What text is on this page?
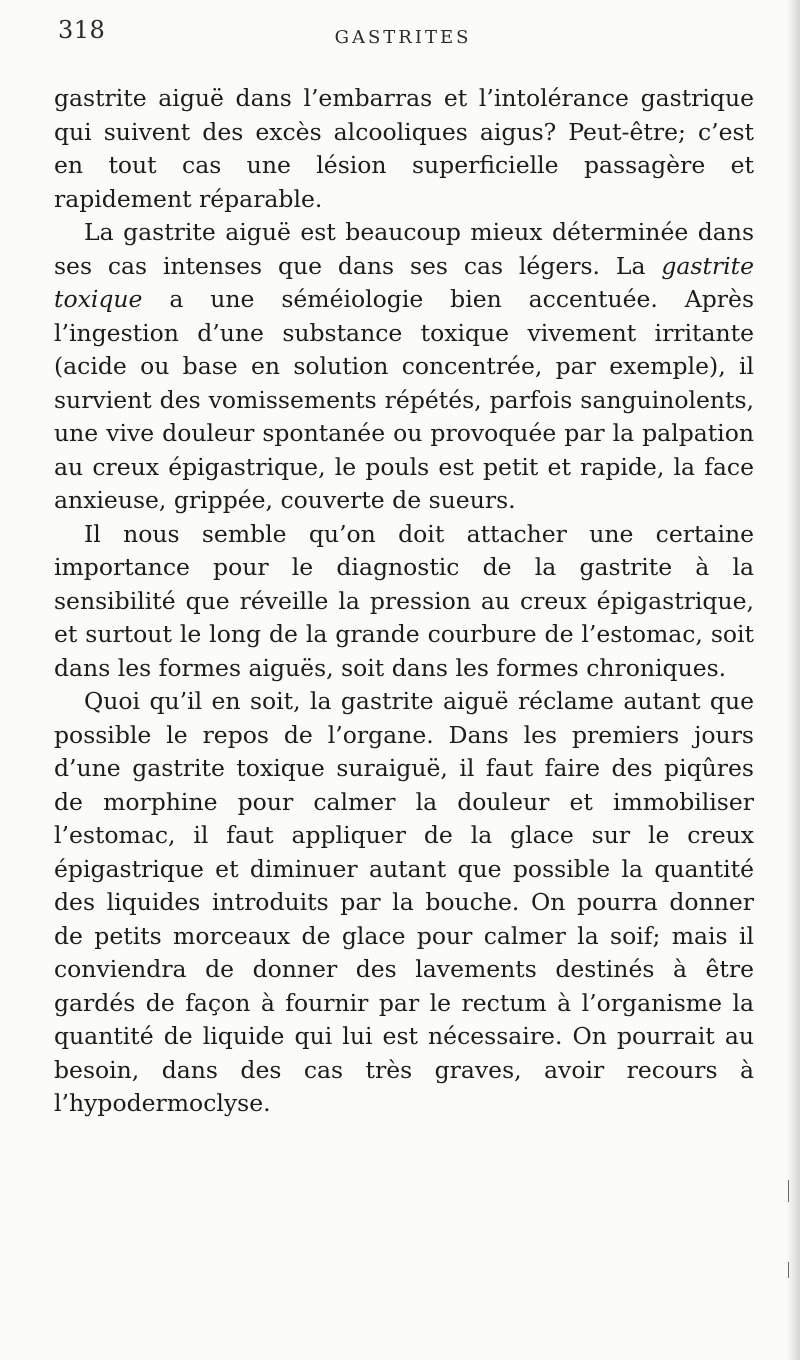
318	GASTRITES

gastrite aiguë dans l’embarras et l’intolérance gastrique qui suivent des excès alcooliques aigus? Peut-être; c’est en tout cas une lésion superficielle passagère et rapidement réparable.

La gastrite aiguë est beaucoup mieux déterminée dans ses cas intenses que dans ses cas légers. La gastrite toxique a une séméiologie bien accentuée. Après l’ingestion d’une substance toxique vivement irritante (acide ou base en solution concentrée, par exemple), il survient des vomissements répétés, parfois sanguinolents, une vive douleur spontanée ou provoquée par la palpation au creux épigastrique, le pouls est petit et rapide, la face anxieuse, grippée, couverte de sueurs.

Il nous semble qu’on doit attacher une certaine importance pour le diagnostic de la gastrite à la sensibilité que réveille la pression au creux épigastrique, et surtout le long de la grande courbure de l’estomac, soit dans les formes aiguës, soit dans les formes chroniques.

Quoi qu’il en soit, la gastrite aiguë réclame autant que possible le repos de l’organe. Dans les premiers jours d’une gastrite toxique suraiguë, il faut faire des piqûres de morphine pour calmer la douleur et immobiliser l’estomac, il faut appliquer de la glace sur le creux épigastrique et diminuer autant que possible la quantité des liquides introduits par la bouche. On pourra donner de petits morceaux de glace pour calmer la soif; mais il conviendra de donner des lavements destinés à être gardés de façon à fournir par le rectum à l’organisme la quantité de liquide qui lui est nécessaire. On pourrait au besoin, dans des cas très graves, avoir recours à l’hypodermoclyse.
